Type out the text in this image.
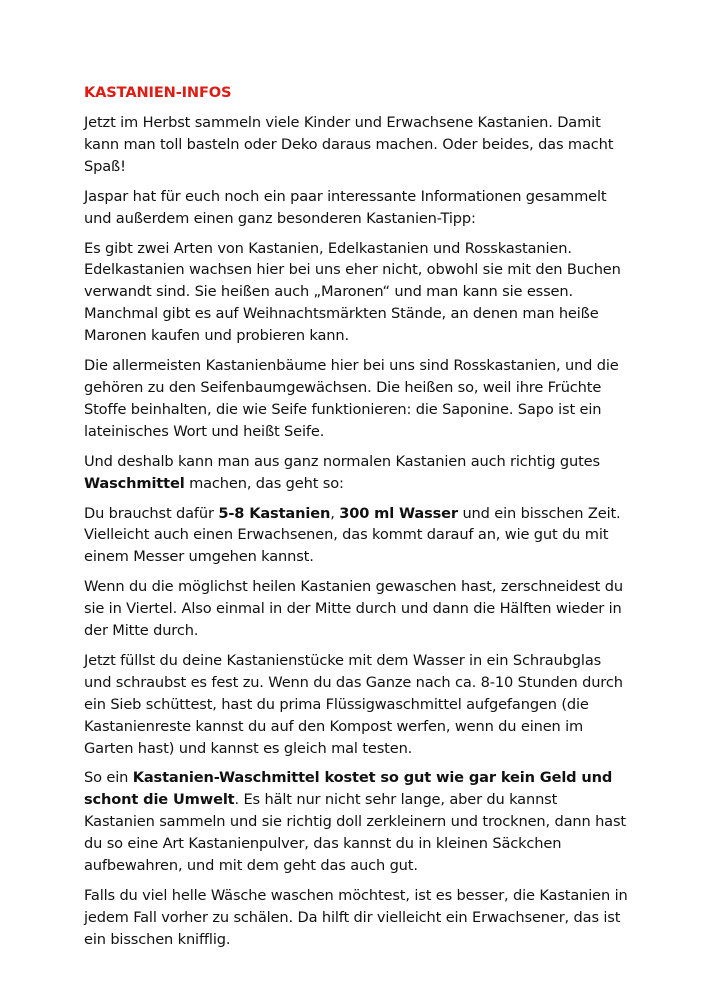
KASTANIEN-INFOS

Jetzt im Herbst sammeln viele Kinder und Erwachsene Kastanien. Damit kann man toll basteln oder Deko daraus machen. Oder beides, das macht Spaß!

Jaspar hat für euch noch ein paar interessante Informationen gesammelt und außerdem einen ganz besonderen Kastanien-Tipp:

Es gibt zwei Arten von Kastanien, Edelkastanien und Rosskastanien. Edelkastanien wachsen hier bei uns eher nicht, obwohl sie mit den Buchen verwandt sind. Sie heißen auch „Maronen“ und man kann sie essen. Manchmal gibt es auf Weihnachtsmärkten Stände, an denen man heiße Maronen kaufen und probieren kann.

Die allermeisten Kastanienbäume hier bei uns sind Rosskastanien, und die gehören zu den Seifenbaumgewächsen. Die heißen so, weil ihre Früchte Stoffe beinhalten, die wie Seife funktionieren: die Saponine. Sapo ist ein lateinisches Wort und heißt Seife.

Und deshalb kann man aus ganz normalen Kastanien auch richtig gutes Waschmittel machen, das geht so:

Du brauchst dafür 5-8 Kastanien, 300 ml Wasser und ein bisschen Zeit. Vielleicht auch einen Erwachsenen, das kommt darauf an, wie gut du mit einem Messer umgehen kannst.

Wenn du die möglichst heilen Kastanien gewaschen hast, zerschneidest du sie in Viertel. Also einmal in der Mitte durch und dann die Hälften wieder in der Mitte durch.

Jetzt füllst du deine Kastanienstücke mit dem Wasser in ein Schraubglas und schraubst es fest zu. Wenn du das Ganze nach ca. 8-10 Stunden durch ein Sieb schüttest, hast du prima Flüssigwaschmittel aufgefangen (die Kastanienreste kannst du auf den Kompost werfen, wenn du einen im Garten hast) und kannst es gleich mal testen.

So ein Kastanien-Waschmittel kostet so gut wie gar kein Geld und schont die Umwelt. Es hält nur nicht sehr lange, aber du kannst Kastanien sammeln und sie richtig doll zerkleinern und trocknen, dann hast du so eine Art Kastanienpulver, das kannst du in kleinen Säckchen aufbewahren, und mit dem geht das auch gut.

Falls du viel helle Wäsche waschen möchtest, ist es besser, die Kastanien in jedem Fall vorher zu schälen. Da hilft dir vielleicht ein Erwachsener, das ist ein bisschen knifflig.
